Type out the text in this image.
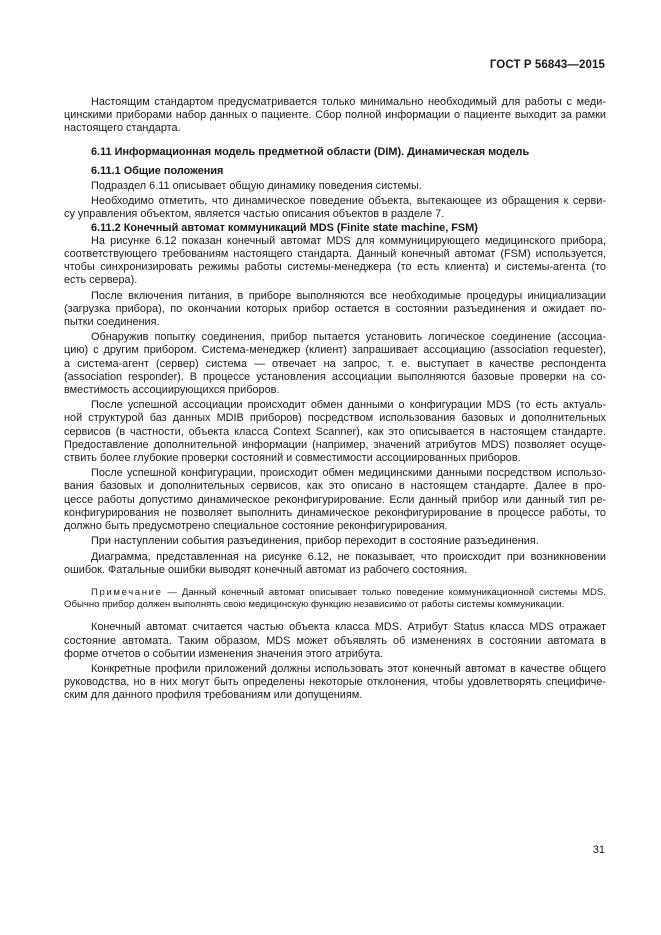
ГОСТ Р 56843—2015

Настоящим стандартом предусматривается только минимально необходимый для работы с меди-
цинскими приборами набор данных о пациенте. Сбор полной информации о пациенте выходит за рамки
настоящего стандарта.

6.11 Информационная модель предметной области (DIM). Динамическая модель

6.11.1 Общие положения

Подраздел 6.11 описывает общую динамику поведения системы.

Необходимо отметить, что динамическое поведение объекта, вытекающее из обращения к серви-
су управления объектом, является частью описания объектов в разделе 7.

6.11.2 Конечный автомат коммуникаций MDS (Finite state machine, FSM)

На рисунке 6.12 показан конечный автомат MDS для коммуницирующего медицинского прибора,
соответствующего требованиям настоящего стандарта. Данный конечный автомат (FSM) используется,
чтобы синхронизировать режимы работы системы-менеджера (то есть клиента) и системы-агента (то
есть сервера).

После включения питания, в приборе выполняются все необходимые процедуры инициализации
(загрузка прибора), по окончании которых прибор остается в состоянии разъединения и ожидает по-
пытки соединения.

Обнаружив попытку соединения, прибор пытается установить логическое соединение (ассоциа-
цию) с другим прибором. Система-менеджер (клиент) запрашивает ассоциацию (association requester),
а система-агент (сервер) система — отвечает на запрос, т. е. выступает в качестве респондента
(association responder). В процессе установления ассоциации выполняются базовые проверки на со-
вместимость ассоциирующихся приборов.

После успешной ассоциации происходит обмен данными о конфигурации MDS (то есть актуаль-
ной структурой баз данных MDIB приборов) посредством использования базовых и дополнительных
сервисов (в частности, объекта класса Context Scanner), как это описывается в настоящем стандарте.
Предоставление дополнительной информации (например, значений атрибутов MDS) позволяет осуще-
ствить более глубокие проверки состояний и совместимости ассоциированных приборов.

После успешной конфигурации, происходит обмен медицинскими данными посредством использо-
вания базовых и дополнительных сервисов, как это описано в настоящем стандарте. Далее в про-
цессе работы допустимо динамическое реконфигурирование. Если данный прибор или данный тип ре-
конфигурирования не позволяет выполнить динамическое реконфигурирование в процессе работы, то
должно быть предусмотрено специальное состояние реконфигурирования.

При наступлении события разъединения, прибор переходит в состояние разъединения.

Диаграмма, представленная на рисунке 6.12, не показывает, что происходит при возникновении
ошибок. Фатальные ошибки выводят конечный автомат из рабочего состояния.

Примечание — Данный конечный автомат описывает только поведение коммуникационной системы MDS.
Обычно прибор должен выполнять свою медицинскую функцию независимо от работы системы коммуникации.

Конечный автомат считается частью объекта класса MDS. Атрибут Status класса MDS отражает
состояние автомата. Таким образом, MDS может объявлять об изменениях в состоянии автомата в
форме отчетов о событии изменения значения этого атрибута.

Конкретные профили приложений должны использовать этот конечный автомат в качестве общего
руководства, но в них могут быть определены некоторые отклонения, чтобы удовлетворять специфиче-
ским для данного профиля требованиям или допущениям.

31
